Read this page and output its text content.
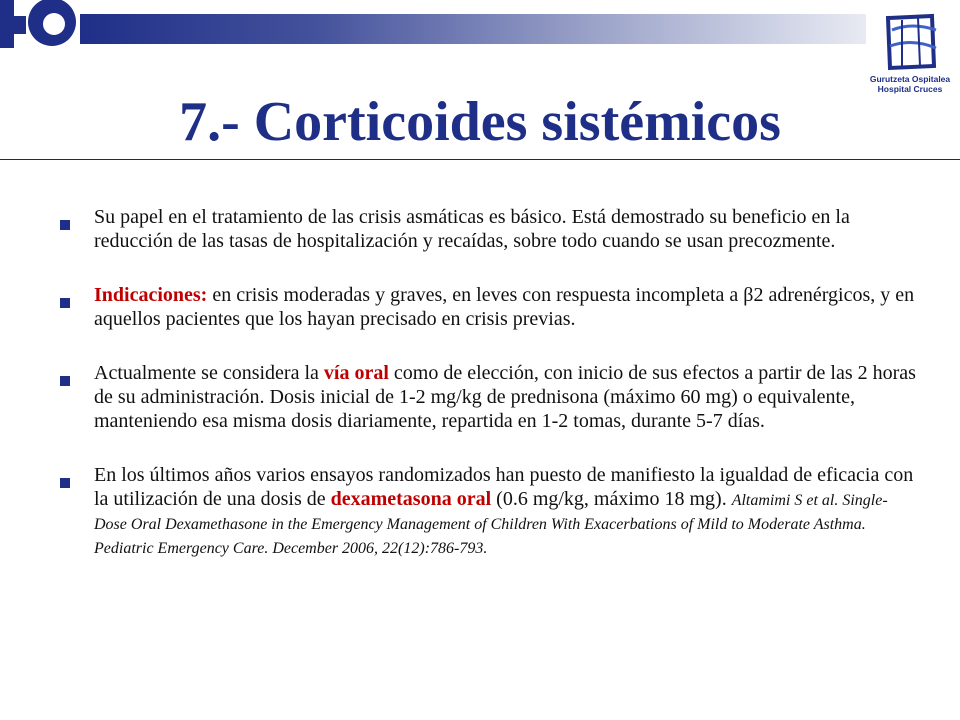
Gurutzeta Ospitalea
Hospital Cruces
7.- Corticoides sistémicos
Su papel en el tratamiento de las crisis asmáticas es básico. Está demostrado su beneficio en la reducción de las tasas de hospitalización y recaídas, sobre todo cuando se usan precozmente.
Indicaciones: en crisis moderadas y graves, en leves con respuesta incompleta a β2 adrenérgicos, y en aquellos pacientes que los hayan precisado en crisis previas.
Actualmente se considera la vía oral como de elección, con inicio de sus efectos a partir de las 2 horas de su administración. Dosis inicial de 1-2 mg/kg de prednisona (máximo 60 mg) o equivalente, manteniendo esa misma dosis diariamente, repartida en 1-2 tomas, durante 5-7 días.
En los últimos años varios ensayos randomizados han puesto de manifiesto la igualdad de eficacia con la utilización de una dosis de dexametasona oral (0.6 mg/kg, máximo 18 mg). Altamimi S et al. Single-Dose Oral Dexamethasone in the Emergency Management of Children With Exacerbations of Mild to Moderate Asthma. Pediatric Emergency Care. December 2006, 22(12):786-793.
